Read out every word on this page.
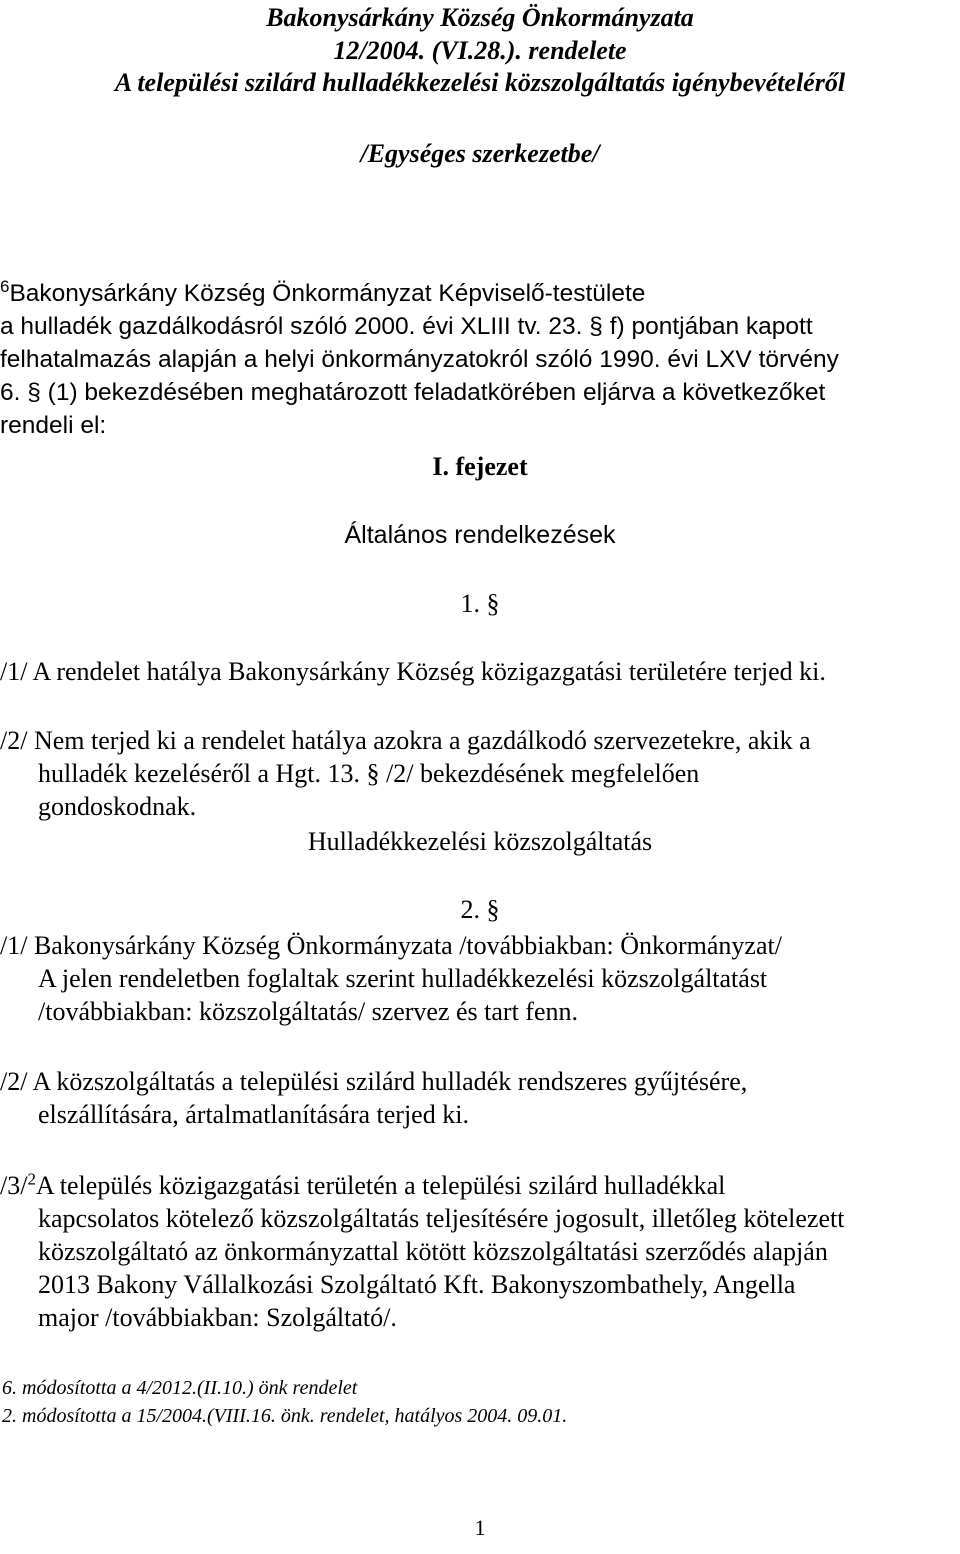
Bakonysárkány Község Önkormányzata
12/2004. (VI.28.). rendelete
A települési szilárd hulladékkezelési közszolgáltatás igénybevételéről
/Egységes szerkezetbe/
$^6$Bakonysárkány Község Önkormányzat Képviselő-testülete
a hulladék gazdálkodásról szóló 2000. évi XLIII tv. 23. § f) pontjában kapott
felhatalmazás alapján a helyi önkormányzatokról szóló 1990. évi LXV törvény
6. § (1) bekezdésében meghatározott feladatkörében eljárva a következőket
rendeli el:
I. fejezet
Általános rendelkezések
1. §
/1/ A rendelet hatálya Bakonysárkány Község közigazgatási területére terjed ki.
/2/ Nem terjed ki a rendelet hatálya azokra a gazdálkodó szervezetekre, akik a
hulladék kezeléséről a Hgt. 13. § /2/ bekezdésének megfelelően
gondoskodnak.
Hulladékkezelési közszolgáltatás
2. §
/1/ Bakonysárkány Község Önkormányzata /továbbiakban: Önkormányzat/
A jelen rendeletben foglaltak szerint hulladékkezelési közszolgáltatást
/továbbiakban: közszolgáltatás/ szervez és tart fenn.
/2/ A közszolgáltatás a települési szilárd hulladék rendszeres gyűjtésére,
elszállítására, ártalmatlanítására terjed ki.
/3/$^2$A település közigazgatási területén a települési szilárd hulladékkal
kapcsolatos kötelező közszolgáltatás teljesítésére jogosult, illetőleg kötelezett
közszolgáltató az önkormányzattal kötött közszolgáltatási szerződés alapján
2013 Bakony Vállalkozási Szolgáltató Kft. Bakonyszombathely, Angella
major /továbbiakban: Szolgáltató/.
6. módosította a 4/2012.(II.10.) önk rendelet
2. módosította a 15/2004.(VIII.16. önk. rendelet, hatályos 2004. 09.01.
1
